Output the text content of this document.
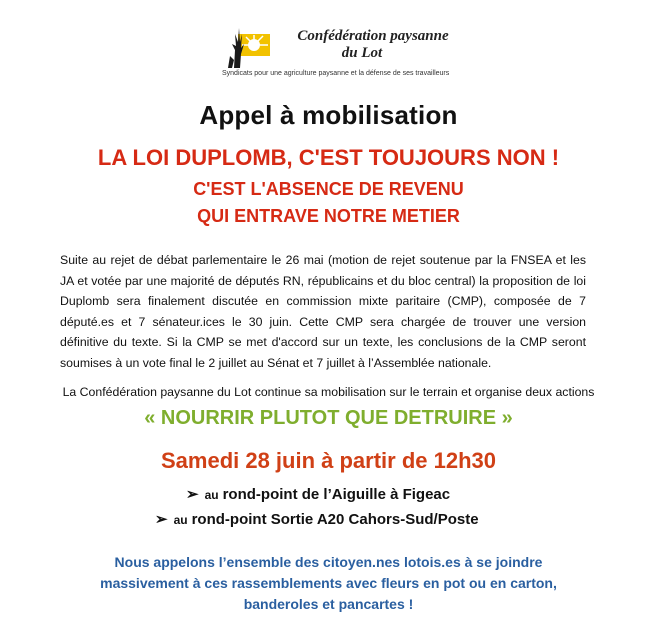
Confédération paysanne
du Lot
Syndicats pour une agriculture paysanne et la défense de ses travailleurs
Appel à mobilisation
LA LOI DUPLOMB, C'EST TOUJOURS NON !
C'EST L'ABSENCE DE REVENU
QUI ENTRAVE NOTRE METIER
Suite au rejet de débat parlementaire le 26 mai (motion de rejet soutenue par la FNSEA et les JA et votée par une majorité de députés RN, républicains et du bloc central) la proposition de loi Duplomb sera finalement discutée en commission mixte paritaire (CMP), composée de 7 député.es et 7 sénateur.ices le 30 juin. Cette CMP sera chargée de trouver une version définitive du texte. Si la CMP se met d'accord sur un texte, les conclusions de la CMP seront soumises à un vote final le 2 juillet au Sénat et 7 juillet à l’Assemblée nationale.
La Confédération paysanne du Lot continue sa mobilisation sur le terrain et organise deux actions
« NOURRIR PLUTOT QUE DETRUIRE »
Samedi 28 juin à partir de 12h30
➢ au rond-point de l’Aiguille à Figeac
➢ au rond-point Sortie A20 Cahors-Sud/Poste
Nous appelons l’ensemble des citoyen.nes lotois.es à se joindre
massivement à ces rassemblements avec fleurs en pot ou en carton,
banderoles et pancartes !
